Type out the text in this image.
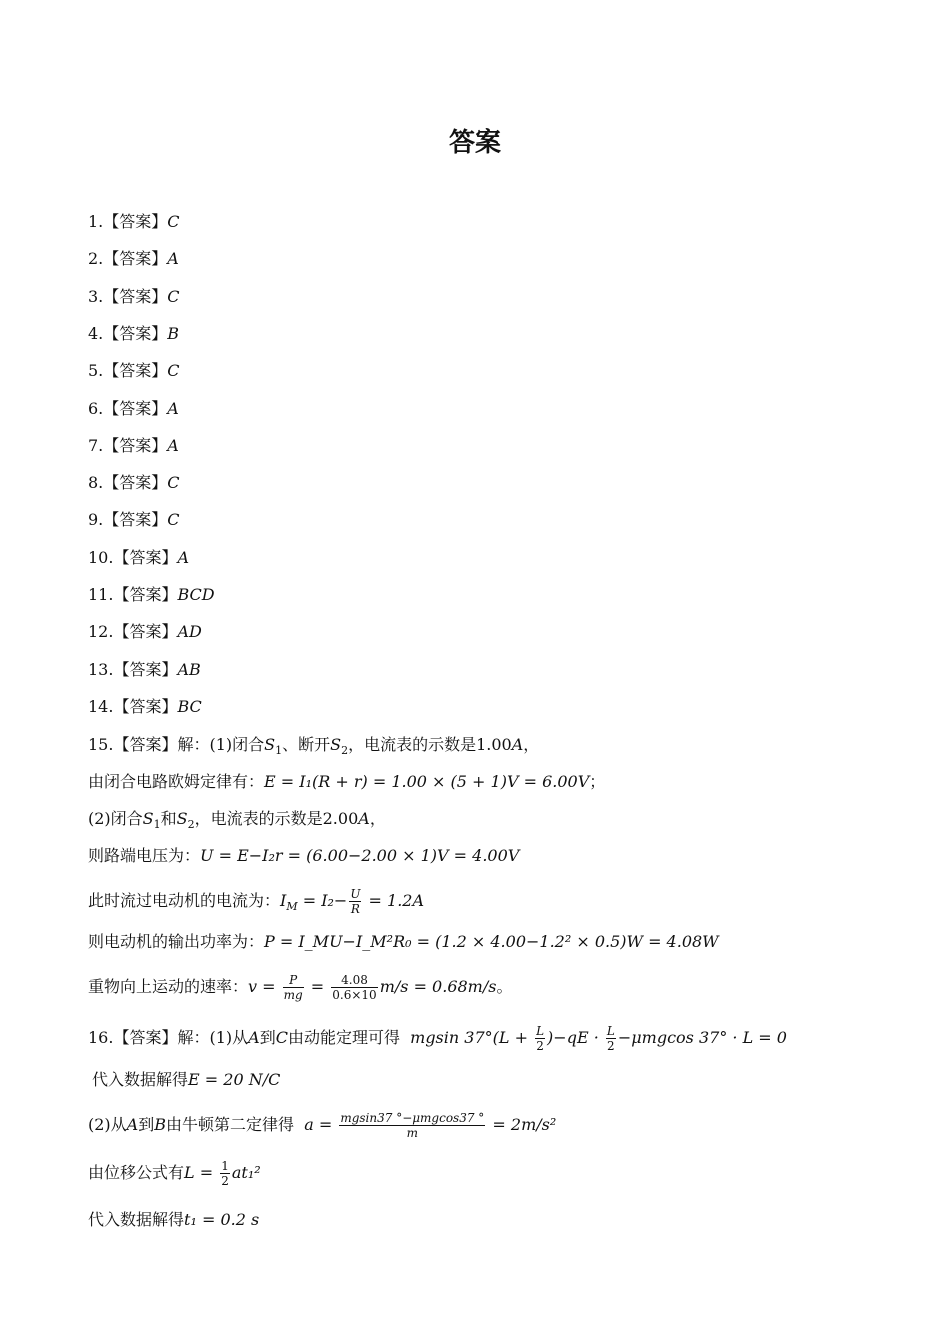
答案
1.【答案】C
2.【答案】A
3.【答案】C
4.【答案】B
5.【答案】C
6.【答案】A
7.【答案】A
8.【答案】C
9.【答案】C
10.【答案】A
11.【答案】BCD
12.【答案】AD
13.【答案】AB
14.【答案】BC
15.【答案】解：(1)闭合$S_1$、断开$S_2$，电流表的示数是1.00A，
由闭合电路欧姆定律有：E = I₁(R + r) = 1.00 × (5 + 1)V = 6.00V；
(2)闭合$S_1$和$S_2$，电流表的示数是2.00A，
则路端电压为：U = E−I₂r = (6.00−2.00 × 1)V = 4.00V
此时流过电动机的电流为：$I_M = I_2- \frac{U}{R} = 1.2A$
则电动机的输出功率为：P = I_MU−I_M²R₀ = (1.2 × 4.00−1.2² × 0.5)W = 4.08W
重物向上运动的速率：$v = \frac{P}{mg} = \frac{4.08}{0.6\times 10} m/s = 0.68m/s$。
16.【答案】解：(1)从A到C由动能定理可得 mgsin $37^\circ(L + \frac{L}{2} )-qE \cdot \frac{L}{2} -\mu mgcos$ 37° · L = 0
代入数据解得E = 20 N/C
(2)从A到B由牛顿第二定律得 $a = \frac{\text{mgsin37 °−μmgcos37 °}}{m} = 2m/s^2$
由位移公式有$L = \frac{1}{2} at_1^2$
代入数据解得t₁ = 0.2 s
